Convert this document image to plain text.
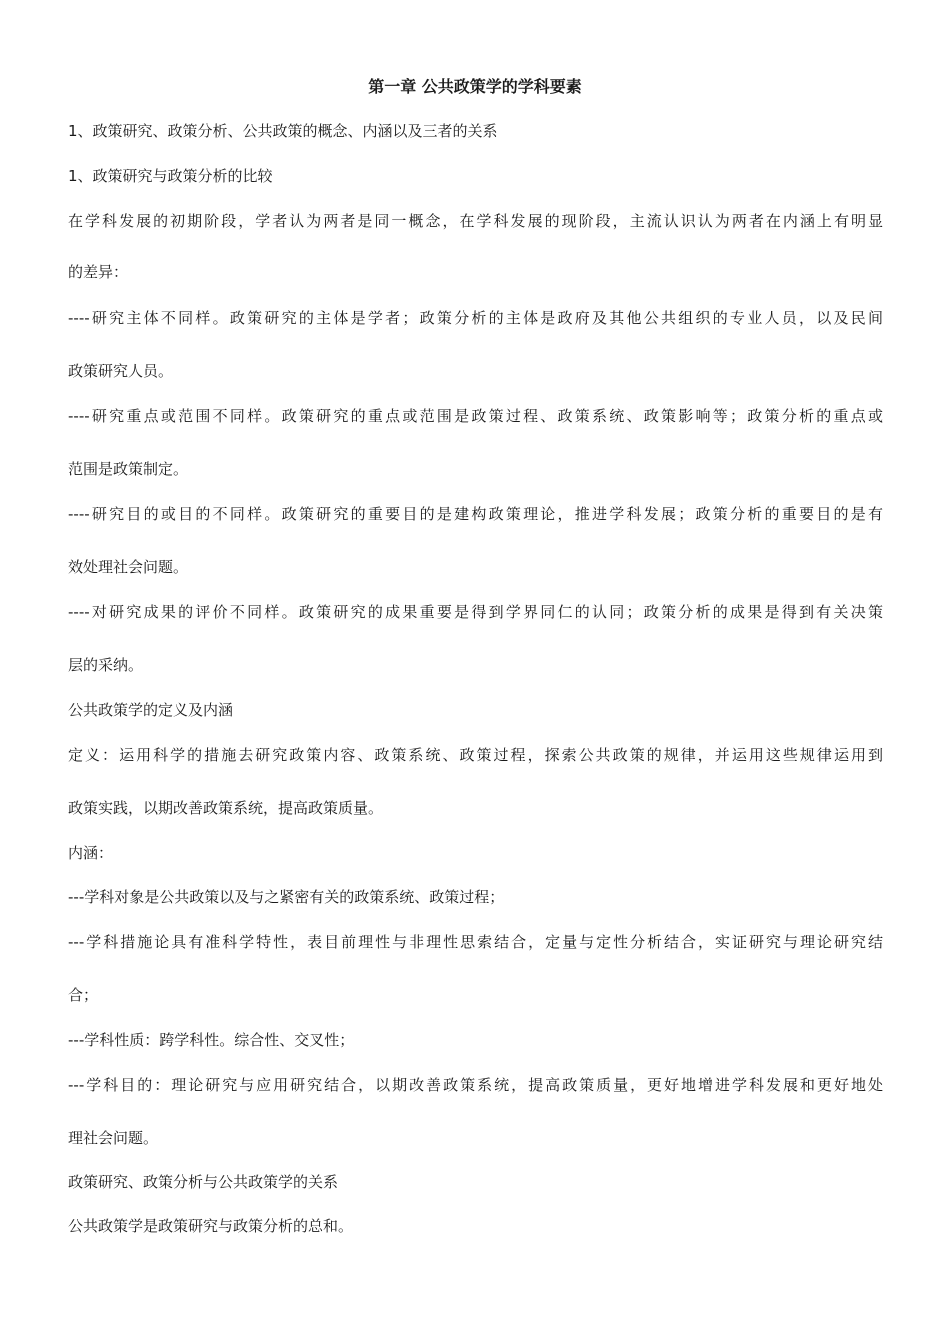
第一章 公共政策学的学科要素
1、政策研究、政策分析、公共政策的概念、内涵以及三者的关系
1、政策研究与政策分析的比较
在学科发展的初期阶段，学者认为两者是同一概念，在学科发展的现阶段，主流认识认为两者在内涵上有明显
的差异：
----研究主体不同样。政策研究的主体是学者；政策分析的主体是政府及其他公共组织的专业人员，以及民间
政策研究人员。
----研究重点或范围不同样。政策研究的重点或范围是政策过程、政策系统、政策影响等；政策分析的重点或
范围是政策制定。
----研究目的或目的不同样。政策研究的重要目的是建构政策理论，推进学科发展；政策分析的重要目的是有
效处理社会问题。
----对研究成果的评价不同样。政策研究的成果重要是得到学界同仁的认同；政策分析的成果是得到有关决策
层的采纳。
公共政策学的定义及内涵
定义：运用科学的措施去研究政策内容、政策系统、政策过程，探索公共政策的规律，并运用这些规律运用到
政策实践，以期改善政策系统，提高政策质量。
内涵：
---学科对象是公共政策以及与之紧密有关的政策系统、政策过程；
---学科措施论具有准科学特性，表目前理性与非理性思索结合，定量与定性分析结合，实证研究与理论研究结
合；
---学科性质：跨学科性。综合性、交叉性；
---学科目的：理论研究与应用研究结合，以期改善政策系统，提高政策质量，更好地增进学科发展和更好地处
理社会问题。
政策研究、政策分析与公共政策学的关系
公共政策学是政策研究与政策分析的总和。
